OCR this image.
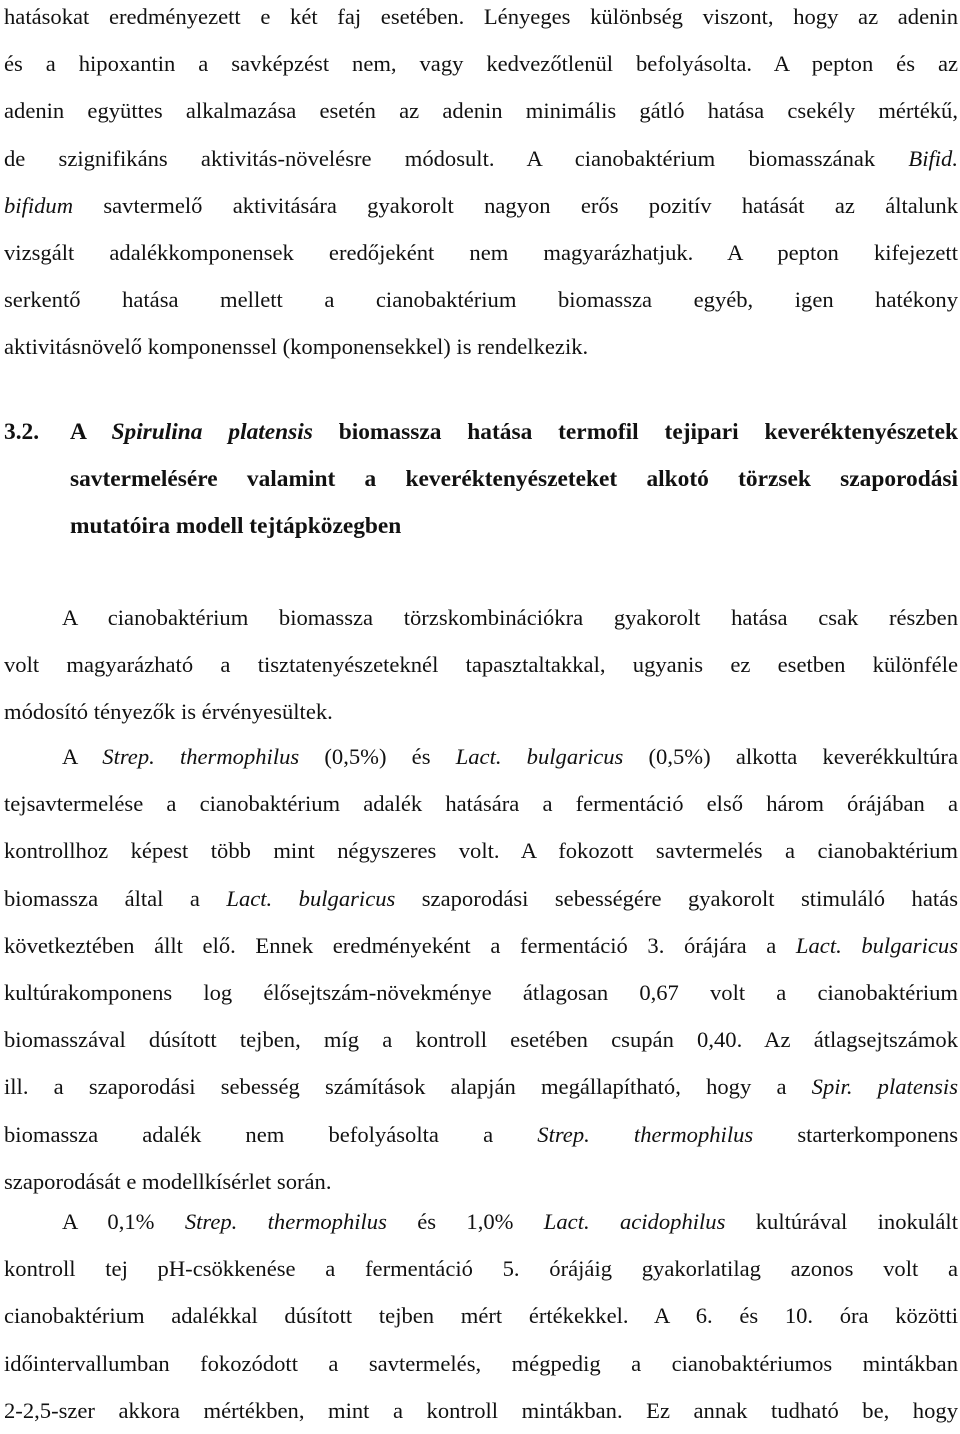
hatásokat eredményezett e két faj esetében. Lényeges különbség viszont, hogy az adenin
és a hipoxantin a savképzést nem, vagy kedvezőtlenül befolyásolta. A pepton és az
adenin együttes alkalmazása esetén az adenin minimális gátló hatása csekély mértékű,
de szignifikáns aktivitás-növelésre módosult. A cianobaktérium biomasszának Bifid.
bifidum savtermelő aktivitására gyakorolt nagyon erős pozitív hatását az általunk
vizsgált adalékkomponensek eredőjeként nem magyarázhatjuk. A pepton kifejezett
serkentő hatása mellett a cianobaktérium biomassza egyéb, igen hatékony
aktivitásnövelő komponenssel (komponensekkel) is rendelkezik.
3.2. A Spirulina platensis biomassza hatása termofil tejipari keveréktenyészetek
savtermelésére valamint a keveréktenyészeteket alkotó törzsek szaporodási
mutatóira modell tejtápközegben
A cianobaktérium biomassza törzskombinációkra gyakorolt hatása csak részben
volt magyarázható a tisztatenyészeteknél tapasztaltakkal, ugyanis ez esetben különféle
módosító tényezők is érvényesültek.
A Strep. thermophilus (0,5%) és Lact. bulgaricus (0,5%) alkotta keverékkultúra
tejsavtermelése a cianobaktérium adalék hatására a fermentáció első három órájában a
kontrollhoz képest több mint négyszeres volt. A fokozott savtermelés a cianobaktérium
biomassza által a Lact. bulgaricus szaporodási sebességére gyakorolt stimuláló hatás
következtében állt elő. Ennek eredményeként a fermentáció 3. órájára a Lact. bulgaricus
kultúrakomponens log élősejtszám-növekménye átlagosan 0,67 volt a cianobaktérium
biomasszával dúsított tejben, míg a kontroll esetében csupán 0,40. Az átlagsejtszámok
ill. a szaporodási sebesség számítások alapján megállapítható, hogy a Spir. platensis
biomassza adalék nem befolyásolta a Strep. thermophilus starterkomponens
szaporodását e modellkísérlet során.
A 0,1% Strep. thermophilus és 1,0% Lact. acidophilus kultúrával inokulált
kontroll tej pH-csökkenése a fermentáció 5. órájáig gyakorlatilag azonos volt a
cianobaktérium adalékkal dúsított tejben mért értékekkel. A 6. és 10. óra közötti
időintervallumban fokozódott a savtermelés, mégpedig a cianobaktériumos mintákban
2-2,5-szer akkora mértékben, mint a kontroll mintákban. Ez annak tudható be, hogy
